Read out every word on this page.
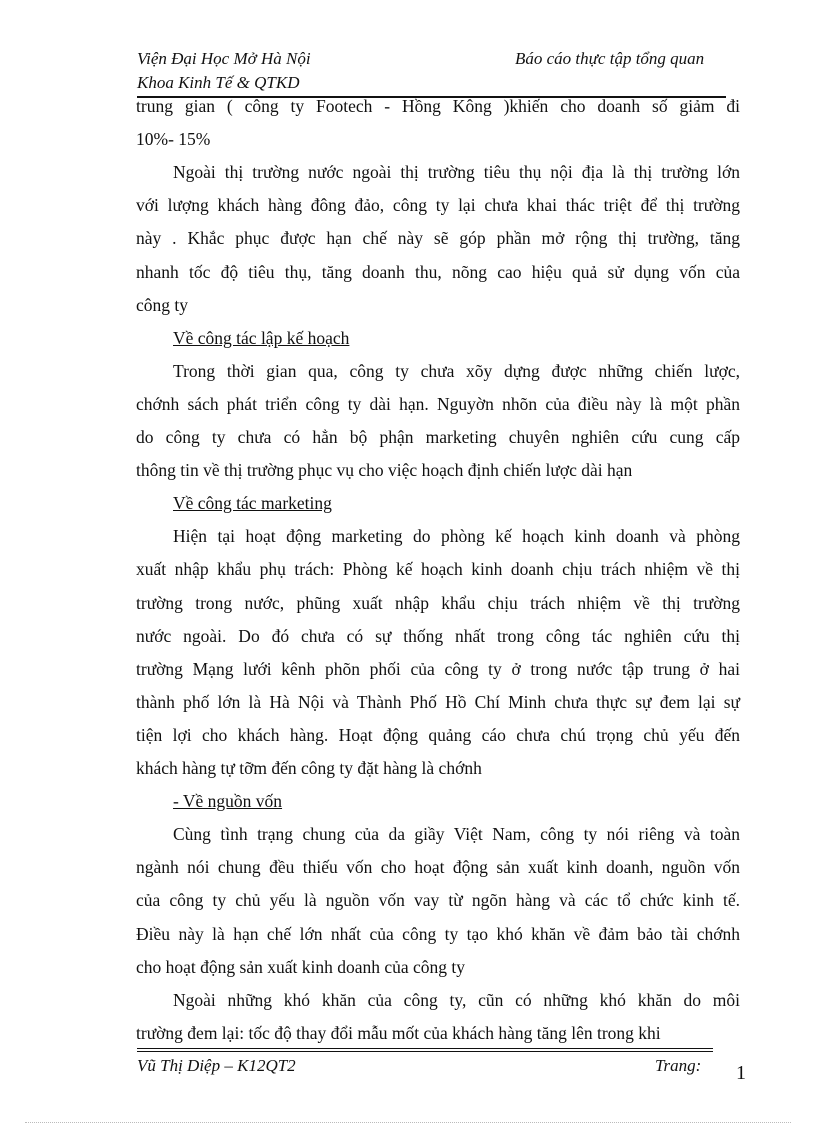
Viện Đại Học Mở Hà Nội
Khoa Kinh Tế & QTKD
Báo cáo thực tập tổng quan
trung gian ( công ty Footech - Hồng Kông )khiến cho doanh số giảm đi
10%- 15%
Ngoài thị trường nước ngoài thị trường tiêu thụ nội địa là thị trường lớn
với lượng khách hàng đông đảo, công ty lại chưa khai thác triệt để thị trường
này . Khắc phục được hạn chế này sẽ góp phần mở rộng thị trường, tăng
nhanh tốc độ tiêu thụ, tăng doanh thu, nõng cao hiệu quả sử dụng vốn của
công ty
Về công tác lập kế hoạch
Trong thời gian qua, công ty chưa xõy dựng được những chiến lược,
chớnh sách phát triển công ty dài hạn. Nguyờn nhõn của điều này là một phần
do công ty chưa có hẳn bộ phận marketing chuyên nghiên cứu cung cấp
thông tin về thị trường phục vụ cho việc hoạch định chiến lược dài hạn
Về công tác marketing
Hiện tại hoạt động marketing do phòng kế hoạch kinh doanh và phòng
xuất nhập khẩu phụ trách: Phòng kế hoạch kinh doanh chịu trách nhiệm về thị
trường trong nước, phũng xuất nhập khẩu chịu trách nhiệm về thị trường
nước ngoài. Do đó chưa có sự thống nhất trong công tác nghiên cứu thị
trường Mạng lưới kênh phõn phối của công ty ở trong nước tập trung ở hai
thành phố lớn là Hà Nội và Thành Phố Hồ Chí Minh chưa thực sự đem lại sự
tiện lợi cho khách hàng. Hoạt động quảng cáo chưa chú trọng chủ yếu đến
khách hàng tự tỡm đến công ty đặt hàng là chớnh
- Về nguồn vốn
Cùng tình trạng chung của da giầy Việt Nam, công ty nói riêng và toàn
ngành nói chung đều thiếu vốn cho hoạt động sản xuất kinh doanh, nguồn vốn
của công ty chủ yếu là nguồn vốn vay từ ngõn hàng và các tổ chức kinh tế.
Điều này là hạn chế lớn nhất của công ty tạo khó khăn về đảm bảo tài chớnh
cho hoạt động sản xuất kinh doanh của công ty
Ngoài những khó khăn của công ty, cũn có những khó khăn do môi
trường đem lại: tốc độ thay đổi mẫu mốt của khách hàng tăng lên trong khi
Vũ Thị Diệp – K12QT2	Trang: 1
